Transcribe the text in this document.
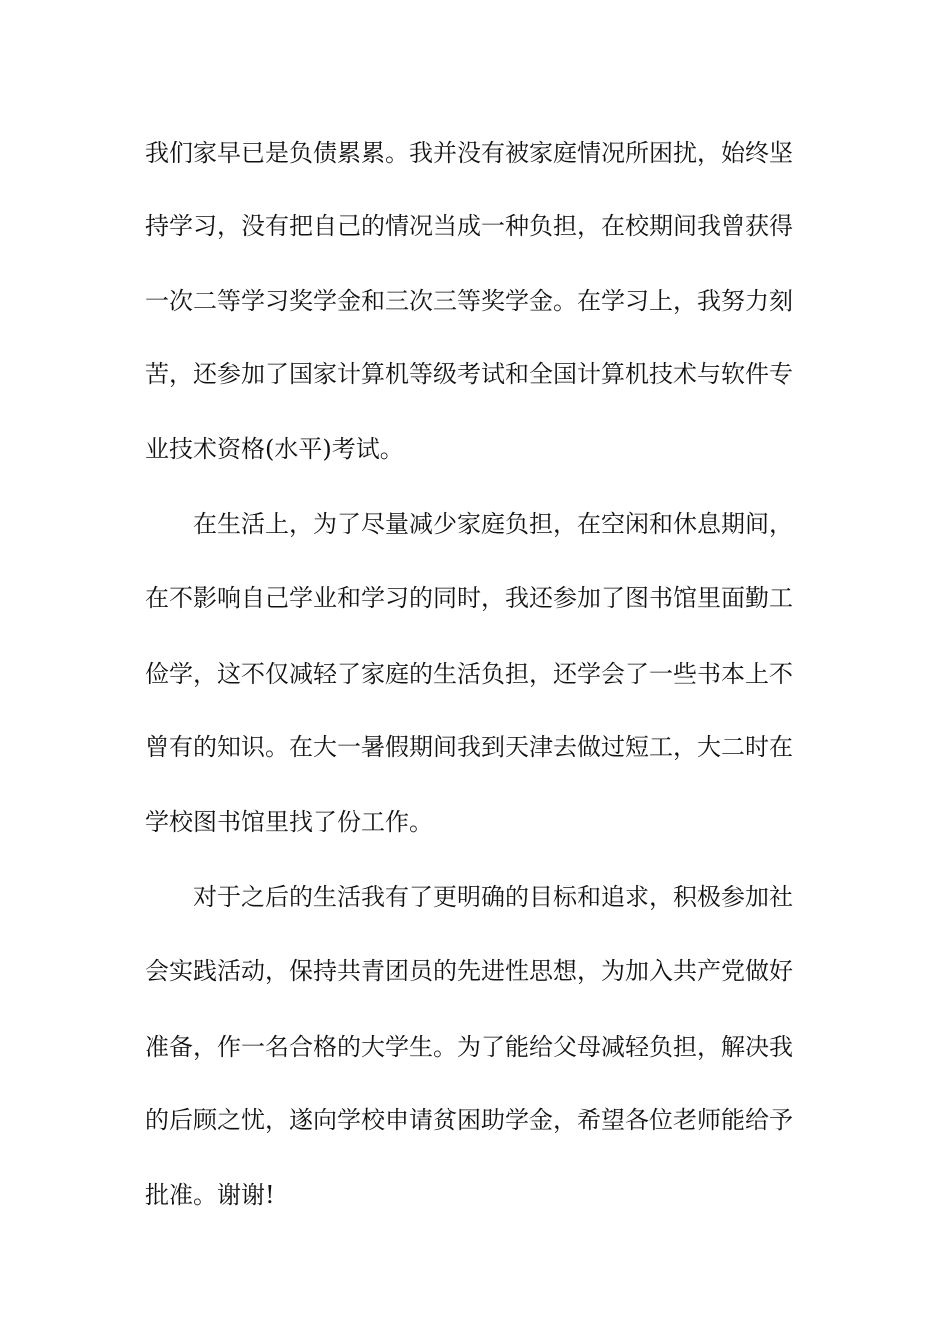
我们家早已是负债累累。我并没有被家庭情况所困扰，始终坚

持学习，没有把自己的情况当成一种负担，在校期间我曾获得

一次二等学习奖学金和三次三等奖学金。在学习上，我努力刻

苦，还参加了国家计算机等级考试和全国计算机技术与软件专

业技术资格(水平)考试。

在生活上，为了尽量减少家庭负担，在空闲和休息期间，

在不影响自己学业和学习的同时，我还参加了图书馆里面勤工

俭学，这不仅减轻了家庭的生活负担，还学会了一些书本上不

曾有的知识。在大一暑假期间我到天津去做过短工，大二时在

学校图书馆里找了份工作。

对于之后的生活我有了更明确的目标和追求，积极参加社

会实践活动，保持共青团员的先进性思想，为加入共产党做好

准备，作一名合格的大学生。为了能给父母减轻负担，解决我

的后顾之忧，遂向学校申请贫困助学金，希望各位老师能给予

批准。谢谢!
